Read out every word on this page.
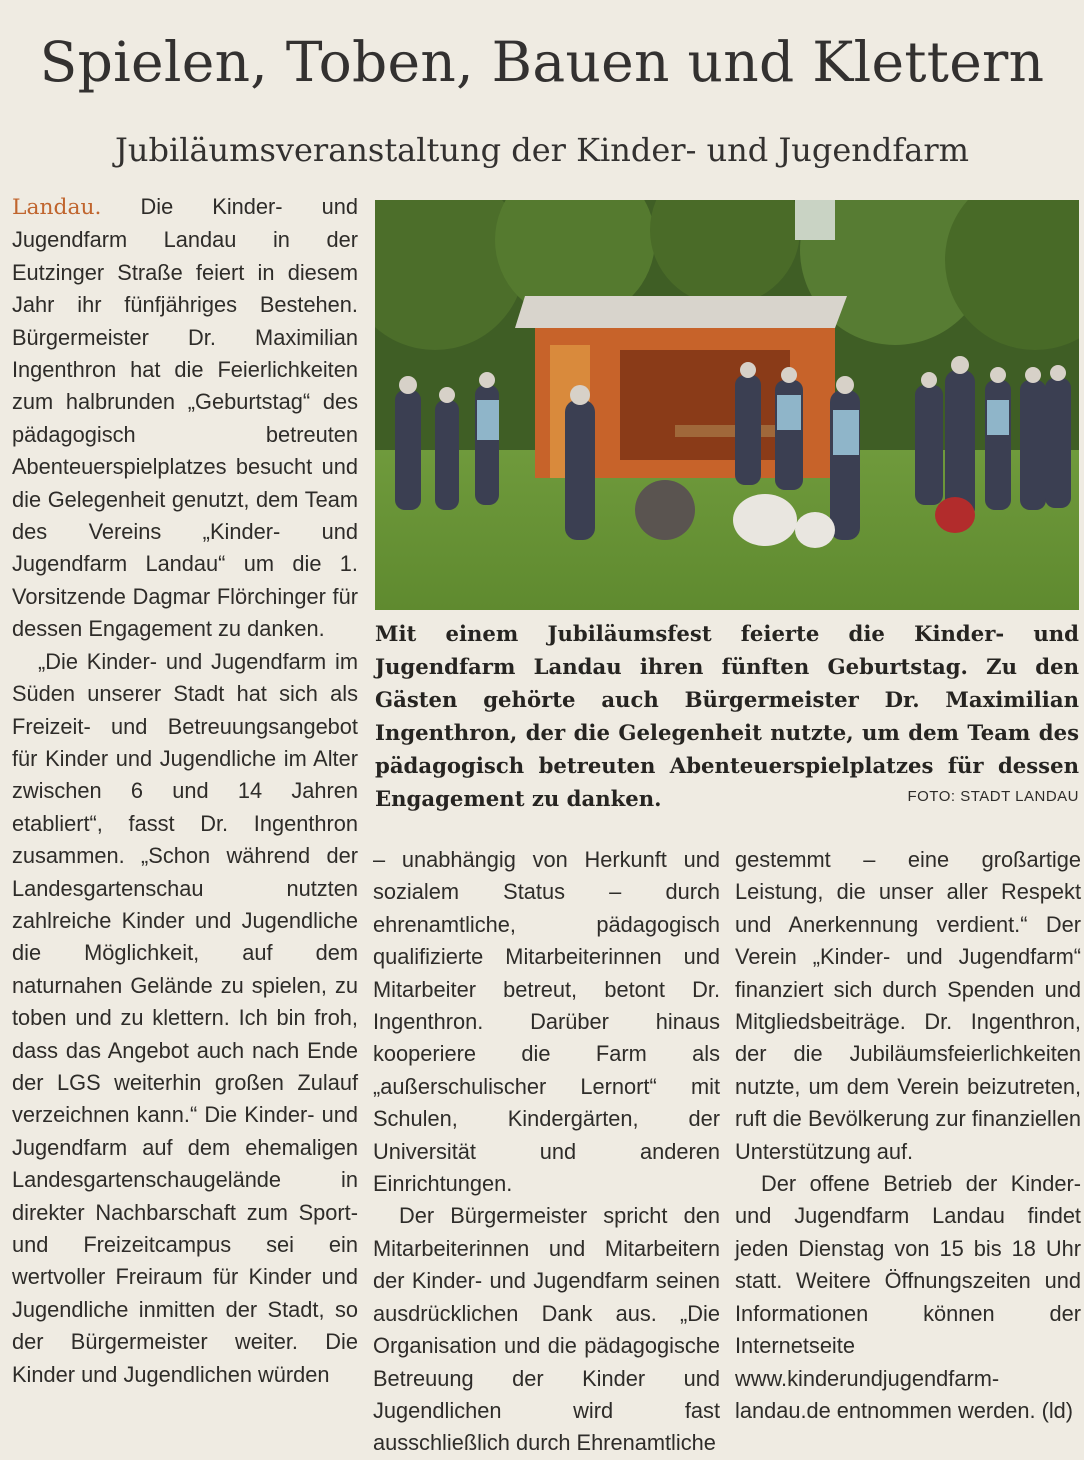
Spielen, Toben, Bauen und Klettern
Jubiläumsveranstaltung der Kinder- und Jugendfarm

Landau. Die Kinder- und Jugendfarm Landau in der Eutzinger Straße feiert in diesem Jahr ihr fünfjähriges Bestehen. Bürgermeister Dr. Maximilian Ingenthron hat die Feierlichkeiten zum halbrunden „Geburtstag“ des pädagogisch betreuten Abenteuerspielplatzes besucht und die Gelegenheit genutzt, dem Team des Vereins „Kinder- und Jugendfarm Landau“ um die 1. Vorsitzende Dagmar Flörchinger für dessen Engagement zu danken.

„Die Kinder- und Jugendfarm im Süden unserer Stadt hat sich als Freizeit- und Betreuungsangebot für Kinder und Jugendliche im Alter zwischen 6 und 14 Jahren etabliert“, fasst Dr. Ingenthron zusammen. „Schon während der Landesgartenschau nutzten zahlreiche Kinder und Jugendliche die Möglichkeit, auf dem naturnahen Gelände zu spielen, zu toben und zu klettern. Ich bin froh, dass das Angebot auch nach Ende der LGS weiterhin großen Zulauf verzeichnen kann.“ Die Kinder- und Jugendfarm auf dem ehemaligen Landesgartenschaugelände in direkter Nachbarschaft zum Sport- und Freizeitcampus sei ein wertvoller Freiraum für Kinder und Jugendliche inmitten der Stadt, so der Bürgermeister weiter. Die Kinder und Jugendlichen würden

Mit einem Jubiläumsfest feierte die Kinder- und Jugendfarm Landau ihren fünften Geburtstag. Zu den Gästen gehörte auch Bürgermeister Dr. Maximilian Ingenthron, der die Gelegenheit nutzte, um dem Team des pädagogisch betreuten Abenteuerspielplatzes für dessen Engagement zu danken.	FOTO: STADT LANDAU

– unabhängig von Herkunft und sozialem Status – durch ehrenamtliche, pädagogisch qualifizierte Mitarbeiterinnen und Mitarbeiter betreut, betont Dr. Ingenthron. Darüber hinaus kooperiere die Farm als „außerschulischer Lernort“ mit Schulen, Kindergärten, der Universität und anderen Einrichtungen.

Der Bürgermeister spricht den Mitarbeiterinnen und Mitarbeitern der Kinder- und Jugendfarm seinen ausdrücklichen Dank aus. „Die Organisation und die pädagogische Betreuung der Kinder und Jugendlichen wird fast ausschließlich durch Ehrenamtliche

gestemmt – eine großartige Leistung, die unser aller Respekt und Anerkennung verdient.“ Der Verein „Kinder- und Jugendfarm“ finanziert sich durch Spenden und Mitgliedsbeiträge. Dr. Ingenthron, der die Jubiläumsfeierlichkeiten nutzte, um dem Verein beizutreten, ruft die Bevölkerung zur finanziellen Unterstützung auf.

Der offene Betrieb der Kinder- und Jugendfarm Landau findet jeden Dienstag von 15 bis 18 Uhr statt. Weitere Öffnungszeiten und Informationen können der Internetseite www.kinderundjugendfarm-landau.de entnommen werden. (ld)
